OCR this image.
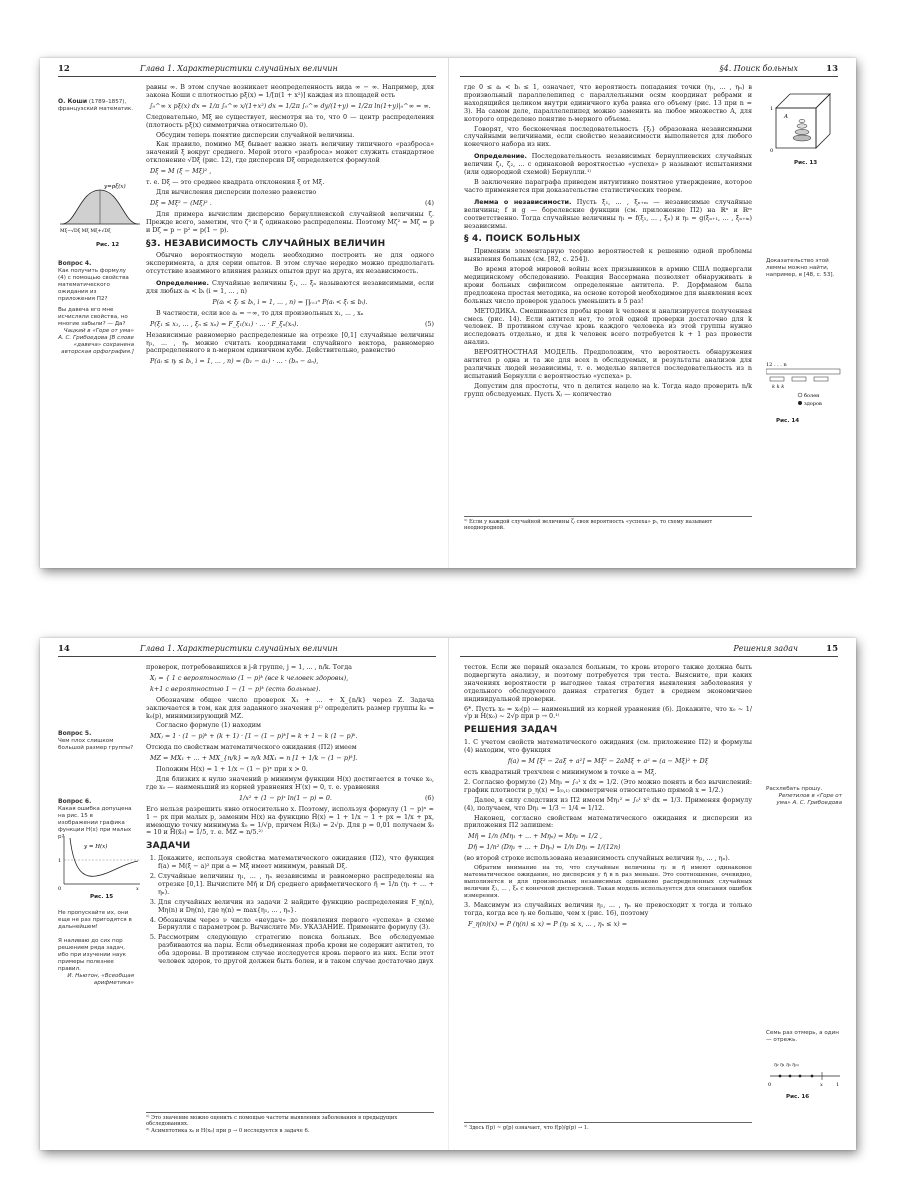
12	Глава 1. Характеристики случайных величин
О. Коши (1789–1857),
французский математик.
y=pξ(x)
Mξ−√Dξ Mξ Mξ+√Dξ
Рис. 12
Вопрос 4.
Как получить формулу (4) с помощью свойства математического ожидания из приложения П2?
Вы давеча его мне исчисляли свойства, но многие забыли? — Да?
Чацкий в «Горе от ума» А. С. Грибоедова [В слове «давеча» сохранена авторская орфография.]

равны ∞. В этом случае возникает неопределенность вида ∞ − ∞. Например, для закона Коши с плотностью pξ(x) = 1/[π(1 + x²)] каждая из площадей есть

∫₀^∞ x pξ(x) dx = 1/π ∫₀^∞ x/(1+x²) dx = 1/2π ∫₀^∞ dy/(1+y) = 1/2π ln(1+y)|₀^∞ = ∞.

Следовательно, Mξ не существует, несмотря на то, что 0 — центр распределения (плотность pξ(x) симметрична относительно 0).

Обсудим теперь понятие дисперсии случайной величины.

Как правило, помимо Mξ бывает важно знать величину типичного «разброса» значений ξ вокруг среднего. Мерой этого «разброса» может служить стандартное отклонение √Dξ (рис. 12), где дисперсия Dξ определяется формулой

Dξ = M (ξ − Mξ)² ,

т. е. Dξ — это среднее квадрата отклонения ξ от Mξ.

Для вычисления дисперсии полезно равенство

Dξ = Mξ² − (Mξ)² .	(4)

Для примера вычислим дисперсию бернуллиевской случайной величины ζ. Прежде всего, заметим, что ζ² и ζ одинаково распределены. Поэтому Mζ² = Mζ = p и Dζ = p − p² = p(1 − p).

§3. НЕЗАВИСИМОСТЬ СЛУЧАЙНЫХ ВЕЛИЧИН

Обычно вероятностную модель необходимо построить не для одного эксперимента, а для серии опытов. В этом случае нередко можно предполагать отсутствие взаимного влияния разных опытов друг на друга, их независимость.

Определение. Случайные величины ξ₁, ... ξₙ называются независимыми, если для любых aᵢ < bᵢ (i = 1, ... , n)

P(aᵢ < ξᵢ ≤ bᵢ, i = 1, ... , n) = ∏ᵢ₌₁ⁿ P(aᵢ < ξᵢ ≤ bᵢ).

В частности, если все aᵢ = −∞, то для произвольных x₁, ... , xₙ

P(ξ₁ ≤ x₁, ... , ξₙ ≤ xₙ) = F_ξ₁(x₁) · ... · F_ξₙ(xₙ).	(5)

Независимые равномерно распределенные на отрезке [0,1] случайные величины η₁, ... , ηₙ можно считать координатами случайного вектора, равномерно распределенного в n-мерном единичном кубе. Действительно, равенство

P(aᵢ ≤ ηᵢ ≤ bᵢ, i = 1, ... , n) = (b₁ − a₁) · ... · (bₙ − aₙ),
§4. Поиск больных	13
A
1
0
Рис. 13
Доказательство этой леммы можно найти, например, в [48, с. 53].
12 . . . n
k k k
болен
здоров
Рис. 14

где 0 ≤ aᵢ < bᵢ ≤ 1, означает, что вероятность попадания точки (η₁, ... , ηₙ) в произвольный параллелепипед с параллельными осям координат ребрами и находящийся целиком внутри единичного куба равна его объему (рис. 13 при n = 3). На самом деле, параллелепипед можно заменить на любое множество A, для которого определено понятие n-мерного объема.

Говорят, что бесконечная последовательность {ξᵢ} образована независимыми случайными величинами, если свойство независимости выполняется для любого конечного набора из них.

Определение. Последовательность независимых бернуллиевских случайных величин ζ₁, ζ₂, ... с одинаковой вероятностью «успеха» p называют испытаниями (или однородной схемой) Бернулли.¹⁾

В заключение параграфа приведем интуитивно понятное утверждение, которое часто применяется при доказательстве статистических теорем.

Лемма о независимости. Пусть ξ₁, ... , ξₙ₊ₘ — независимые случайные величины; f и g — борелевские функции (см. приложение П2) на ℝⁿ и ℝᵐ соответственно. Тогда случайные величины η₁ = f(ξ₁, ... , ξₙ) и η₂ = g(ξₙ₊₁, ... , ξₙ₊ₘ) независимы.

§ 4. ПОИСК БОЛЬНЫХ

Применим элементарную теорию вероятностей к решению одной проблемы выявления больных (см. [82, с. 254]).

Во время второй мировой войны всех призывников в армию США подвергали медицинскому обследованию. Реакция Вассермана позволяет обнаруживать в крови больных сифилисом определенные антитела. Р. Дорфманом была предложена простая методика, на основе которой необходимое для выявления всех больных число проверок удалось уменьшить в 5 раз!

МЕТОДИКА. Смешиваются пробы крови k человек и анализируется полученная смесь (рис. 14). Если антител нет, то этой одной проверки достаточно для k человек. В противном случае кровь каждого человека из этой группы нужно исследовать отдельно, и для k человек всего потребуется k + 1 раз провести анализ.

ВЕРОЯТНОСТНАЯ МОДЕЛЬ. Предположим, что вероятность обнаружения антител p одна и та же для всех n обследуемых, и результаты анализов для различных людей независимы, т. е. моделью является последовательность из n испытаний Бернулли с вероятностью «успеха» p.

Допустим для простоты, что n делится нацело на k. Тогда надо проверить n/k групп обследуемых. Пусть Xⱼ — количество

¹⁾ Если у каждой случайной величины ζᵢ своя вероятность «успеха» pᵢ, то схему называют неоднородной.
14	Глава 1. Характеристики случайных величин
Вопрос 5.
Чем плох слишком большой размер группы?
Вопрос 6.
Какая ошибка допущена на рис. 15 в изображении графика функции H(x) при малых p?
y = H(x)
1
0	x
Рис. 15
Не пропускайте их, они еще не раз пригодятся в дальнейшем!
Я наливаю до сих пор решением ряда задач, ибо при изучении наук примеры полезнее правил.
И. Ньютон, «Всеобщая арифметика»

проверок, потребовавшихся в j-й группе, j = 1, ... , n/k. Тогда

Xⱼ = { 1 с вероятностью (1 − p)ᵏ (все k человек здоровы),
k+1 с вероятностью 1 − (1 − p)ᵏ (есть больные).

Обозначим общее число проверок X₁ + ... + X_{n/k} через Z. Задача заключается в том, как для заданного значения p¹⁾ определить размер группы k₀ = k₀(p), минимизирующий MZ.

Согласно формуле (1) находим

MXⱼ = 1 · (1 − p)ᵏ + (k + 1) · [1 − (1 − p)ᵏ] = k + 1 − k (1 − p)ᵏ.

Отсюда по свойствам математического ожидания (П2) имеем

MZ = MX₁ + ... + MX_{n/k} = n/k MX₁ = n [1 + 1/k − (1 − p)ᵏ].

Положим H(x) = 1 + 1/x − (1 − p)ˣ при x > 0.

Для близких к нулю значений p минимум функции H(x) достигается в точке x₀, где x₀ — наименьший из корней уравнения H′(x) = 0, т. е. уравнения

1/x² + (1 − p)ˣ ln(1 − p) = 0.	(6)

Его нельзя разрешить явно относительно x. Поэтому, используя формулу (1 − p)ˣ ≈ 1 − px при малых p, заменим H(x) на функцию H̃(x) = 1 + 1/x − 1 + px = 1/x + px, имеющую точку минимума x̃₀ = 1/√p, причем H̃(x̃₀) = 2√p. Для p = 0,01 получаем x̃₀ = 10 и H̃(x̃₀) = 1/5, т. е. MZ ≈ n/5.²⁾

ЗАДАЧИ
1. Докажите, используя свойства математического ожидания (П2), что функция f(a) = M(ξ − a)² при a = Mξ имеет минимум, равный Dξ.
2. Случайные величины η₁, ... , ηₙ независимы и равномерно распределены на отрезке [0,1]. Вычислите Mη̄ и Dη̄ среднего арифметического η̄ = 1/n (η₁ + ... + ηₙ).
3. Для случайных величин из задачи 2 найдите функцию распределения F_η(n), Mη(n) и Dη(n), где η(n) = max{η₁, ... , ηₙ}.
4. Обозначим через ν число «неудач» до появления первого «успеха» в схеме Бернулли с параметром p. Вычислите Mν. УКАЗАНИЕ. Примените формулу (3).
5. Рассмотрим следующую стратегию поиска больных. Все обследуемые разбиваются на пары. Если объединенная проба крови не содержит антител, то оба здоровы. В противном случае исследуется кровь первого из них. Если этот человек здоров, то другой должен быть болен, и в таком случае достаточно двух
¹⁾ Это значение можно оценить с помощью частоты выявления заболевания в предыдущих обследованиях.
²⁾ Асимптотика x₀ и H(x₀) при p → 0 исследуется в задаче 6.
Решения задач	15
Расхлебать прошу.
Репетилов в «Горе от ума» А. С. Грибоедова
Семь раз отмерь, а один — отрежь.
η₂ η₁ ηₙ η₍ₙ₎
0	x	1
Рис. 16

тестов. Если же первый оказался больным, то кровь второго также должна быть подвергнута анализу, и поэтому потребуется три теста. Выясните, при каких значениях вероятности p выгоднее такая стратегия выявления заболевания у отдельного обследуемого данная стратегия будет в среднем экономичнее индивидуальной проверки.

6*. Пусть x₀ = x₀(p) — наименьший из корней уравнения (6). Докажите, что x₀ ~ 1/√p и H(x₀) ~ 2√p при p → 0.¹⁾

РЕШЕНИЯ ЗАДАЧ

1. С учетом свойств математического ожидания (см. приложение П2) и формулы (4) находим, что функция

f(a) = M [ξ² − 2aξ + a²] = Mξ² − 2aMξ + a² = (a − Mξ)² + Dξ

есть квадратный трехчлен с минимумом в точке a = Mξ.

2. Согласно формуле (2) Mη₁ = ∫₀¹ x dx = 1/2. (Это можно понять и без вычислений: график плотности p_η(x) = I₍₀,₁₎ симметричен относительно прямой x = 1/2.)

Далее, в силу следствия из П2 имеем Mη₁² = ∫₀¹ x² dx = 1/3. Применяя формулу (4), получаем, что Dη₁ = 1/3 − 1/4 = 1/12.

Наконец, согласно свойствам математического ожидания и дисперсии из приложения П2 запишем:

Mη̄ = 1/n (Mη₁ + ... + Mηₙ) = Mη₁ = 1/2 ,
Dη̄ = 1/n² (Dη₁ + ... + Dηₙ) = 1/n Dη₁ = 1/(12n)

(во второй строке использована независимость случайных величин η₁, ... , ηₙ).

Обратим внимание на то, что случайные величины η₁ и η̄ имеют одинаковое математическое ожидание, но дисперсия у η̄ в n раз меньше. Это соотношение, очевидно, выполняется и для произвольных независимых одинаково распределенных случайных величин ξ₁, ... , ξₙ с конечной дисперсией. Такая модель используется для описания ошибок измерения.

3. Максимум из случайных величин η₁, ... , ηₙ не превосходит x тогда и только тогда, когда все ηᵢ не больше, чем x (рис. 16), поэтому

F_η(n)(x) = P (η(n) ≤ x) = P (η₁ ≤ x, ... , ηₙ ≤ x) =
¹⁾ Здесь f(p) ~ g(p) означает, что f(p)/g(p) → 1.
